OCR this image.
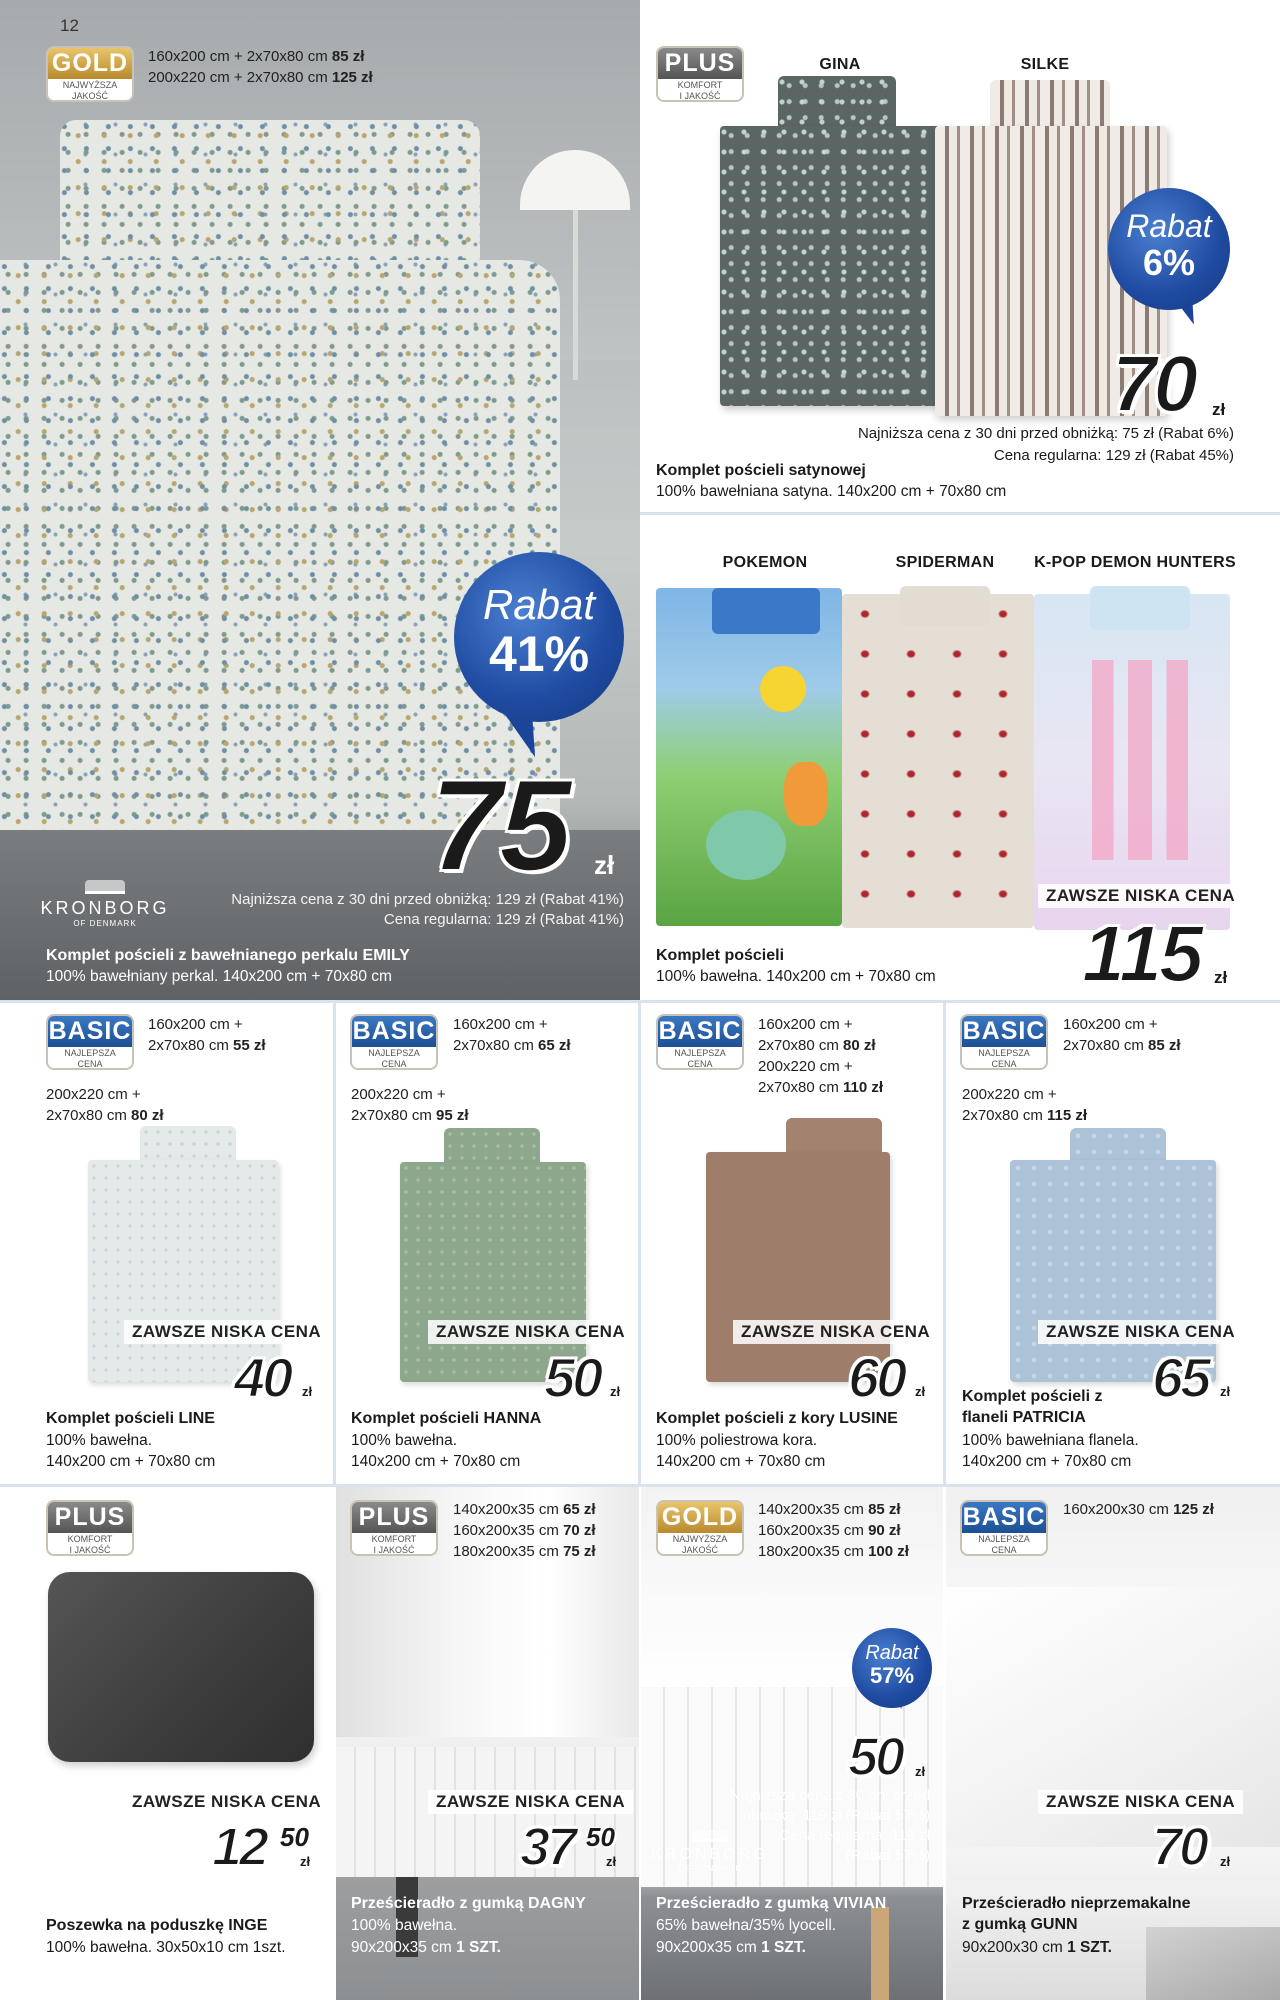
12
GOLD
NAJWYŻSZA
JAKOŚĆ
160x200 cm + 2x70x80 cm 85 zł
200x220 cm + 2x70x80 cm 125 zł
Rabat
41%
75 zł
KRONBORG
OF DENMARK
Najniższa cena z 30 dni przed obniżką: 129 zł (Rabat 41%)
Cena regularna: 129 zł (Rabat 41%)
Komplet pościeli z bawełnianego perkalu EMILY
100% bawełniany perkal. 140x200 cm + 70x80 cm
PLUS
KOMFORT
I JAKOŚĆ
GINA	SILKE
Rabat
6%
70 zł
Najniższa cena z 30 dni przed obniżką: 75 zł (Rabat 6%)
Cena regularna: 129 zł (Rabat 45%)
Komplet pościeli satynowej
100% bawełniana satyna. 140x200 cm + 70x80 cm
POKEMON	SPIDERMAN	K-POP DEMON HUNTERS
ZAWSZE NISKA CENA
115 zł
Komplet pościeli
100% bawełna. 140x200 cm + 70x80 cm
BASIC
NAJLEPSZA
CENA
160x200 cm +
2x70x80 cm 55 zł
200x220 cm +
2x70x80 cm 80 zł
ZAWSZE NISKA CENA
40 zł
Komplet pościeli LINE
100% bawełna.
140x200 cm + 70x80 cm
BASIC
NAJLEPSZA
CENA
160x200 cm +
2x70x80 cm 65 zł
200x220 cm +
2x70x80 cm 95 zł
ZAWSZE NISKA CENA
50 zł
Komplet pościeli HANNA
100% bawełna.
140x200 cm + 70x80 cm
BASIC
NAJLEPSZA
CENA
160x200 cm +
2x70x80 cm 80 zł
200x220 cm +
2x70x80 cm 110 zł
ZAWSZE NISKA CENA
60 zł
Komplet pościeli z kory LUSINE
100% poliestrowa kora.
140x200 cm + 70x80 cm
BASIC
NAJLEPSZA
CENA
160x200 cm +
2x70x80 cm 85 zł
200x220 cm +
2x70x80 cm 115 zł
ZAWSZE NISKA CENA
65 zł
Komplet pościeli z
flaneli PATRICIA
100% bawełniana flanela.
140x200 cm + 70x80 cm
PLUS
KOMFORT
I JAKOŚĆ
ZAWSZE NISKA CENA
12 50
zł
Poszewka na poduszkę INGE
100% bawełna. 30x50x10 cm 1szt.
PLUS
KOMFORT
I JAKOŚĆ
140x200x35 cm 65 zł
160x200x35 cm 70 zł
180x200x35 cm 75 zł
ZAWSZE NISKA CENA
37 50
zł
Prześcieradło z gumką DAGNY
100% bawełna.
90x200x35 cm 1 SZT.
GOLD
NAJWYŻSZA
JAKOŚĆ
140x200x35 cm 85 zł
160x200x35 cm 90 zł
180x200x35 cm 100 zł
Rabat
57%
50 zł
Najniższa cena z 30 dni przed
obniżką: 119 zł (Rabat 57%)
Cena regularna: 119 zł
(Rabat 57%)
KRONBORG
OF DENMARK
Prześcieradło z gumką VIVIAN
65% bawełna/35% lyocell.
90x200x35 cm 1 SZT.
BASIC
NAJLEPSZA
CENA
160x200x30 cm 125 zł
ZAWSZE NISKA CENA
70 zł
Prześcieradło nieprzemakalne
z gumką GUNN
90x200x30 cm 1 SZT.
